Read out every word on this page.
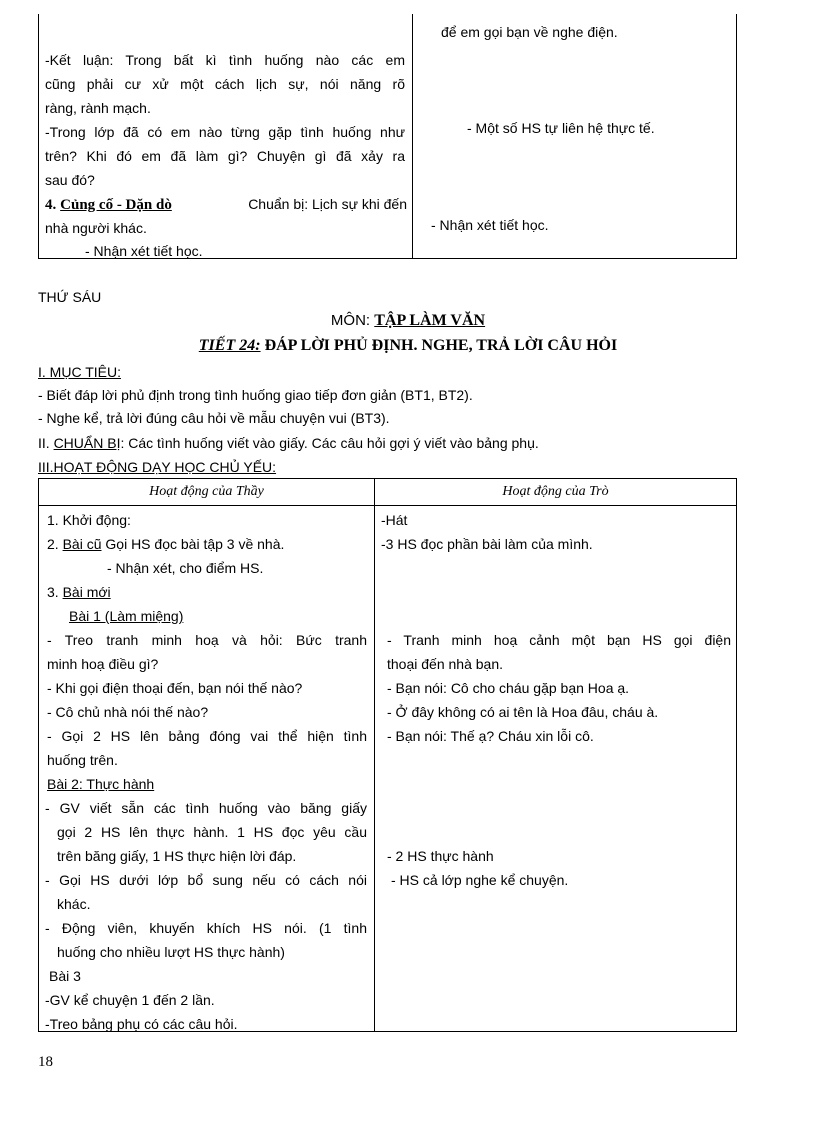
-Kết luận: Trong bất kì tình huống nào các em
cũng phải cư xử một cách lịch sự, nói năng rõ
ràng, rành mạch.
-Trong lớp đã có em nào từng gặp tình huống như
trên? Khi đó em đã làm gì? Chuyện gì đã xảy ra
sau đó?
4. Củng cố - Dặn dò	Chuẩn bị: Lịch sự khi đến
nhà người khác.
- Nhận xét tiết học.
để em gọi bạn về nghe điện.
- Một số HS tự liên hệ thực tế.
- Nhận xét tiết học.
THỨ SÁU
MÔN: TẬP LÀM VĂN
TIẾT 24: ĐÁP LỜI PHỦ ĐỊNH. NGHE, TRẢ LỜI CÂU HỎI
I. MỤC TIÊU:
- Biết đáp lời phủ định trong tình huống giao tiếp đơn giản (BT1, BT2).
- Nghe kể, trả lời đúng câu hỏi về mẫu chuyện vui (BT3).
II. CHUẨN BỊ: Các tình huống viết vào giấy. Các câu hỏi gợi ý viết vào bảng phụ.
III.HOẠT ĐỘNG DẠY HỌC CHỦ YẾU:
Hoạt động của Thầy	Hoạt động của Trò
1. Khởi động:
2. Bài cũ Gọi HS đọc bài tập 3 về nhà.
- Nhận xét, cho điểm HS.
3. Bài mới
Bài 1 (Làm miệng)
- Treo tranh minh hoạ và hỏi: Bức tranh
minh hoạ điều gì?
- Khi gọi điện thoại đến, bạn nói thế nào?
- Cô chủ nhà nói thế nào?
- Gọi 2 HS lên bảng đóng vai thể hiện tình
huống trên.
Bài 2: Thực hành
- GV viết sẵn các tình huống vào băng giấy
gọi 2 HS lên thực hành. 1 HS đọc yêu cầu
trên băng giấy, 1 HS thực hiện lời đáp.
- Gọi HS dưới lớp bổ sung nếu có cách nói
khác.
- Động viên, khuyến khích HS nói. (1 tình
huống cho nhiều lượt HS thực hành)
Bài 3
-GV kể chuyện 1 đến 2 lần.
-Treo bảng phụ có các câu hỏi.
-Hát
-3 HS đọc phần bài làm của mình.
- Tranh minh hoạ cảnh một bạn HS gọi điện
thoại đến nhà bạn.
- Bạn nói: Cô cho cháu gặp bạn Hoa ạ.
- Ở đây không có ai tên là Hoa đâu, cháu à.
- Bạn nói: Thế ạ? Cháu xin lỗi cô.
- 2 HS thực hành
- HS cả lớp nghe kể chuyện.
18
